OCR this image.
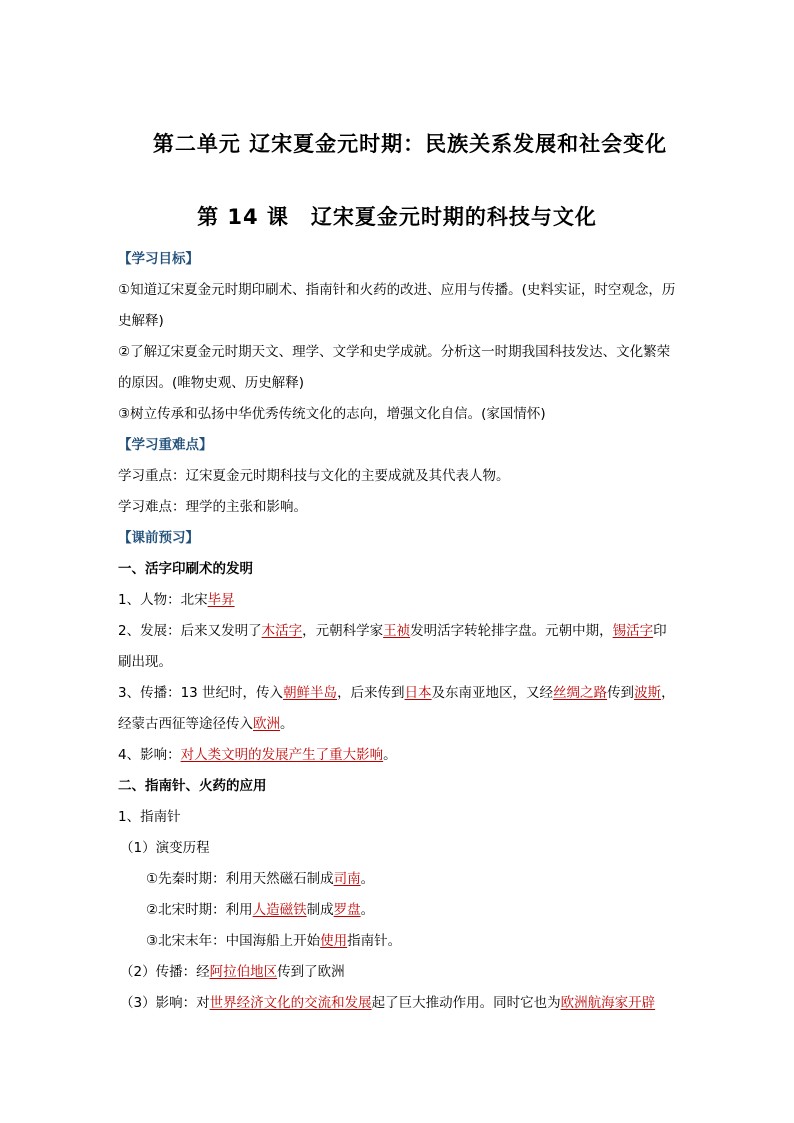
第二单元 辽宋夏金元时期：民族关系发展和社会变化
第 14 课　辽宋夏金元时期的科技与文化

【学习目标】

①知道辽宋夏金元时期印刷术、指南针和火药的改进、应用与传播。(史料实证，时空观念，历史解释)

②了解辽宋夏金元时期天文、理学、文学和史学成就。分析这一时期我国科技发达、文化繁荣的原因。(唯物史观、历史解释)

③树立传承和弘扬中华优秀传统文化的志向，增强文化自信。(家国情怀)

【学习重难点】

学习重点：辽宋夏金元时期科技与文化的主要成就及其代表人物。

学习难点：理学的主张和影响。

【课前预习】

一、活字印刷术的发明

1、人物：北宋毕昇

2、发展：后来又发明了木活字，元朝科学家王祯发明活字转轮排字盘。元朝中期，锡活字印刷出现。

3、传播：13 世纪时，传入朝鲜半岛，后来传到日本及东南亚地区，又经丝绸之路传到波斯，经蒙古西征等途径传入欧洲。

4、影响：对人类文明的发展产生了重大影响。

二、指南针、火药的应用

1、指南针

（1）演变历程

①先秦时期：利用天然磁石制成司南。

②北宋时期：利用人造磁铁制成罗盘。

③北宋末年：中国海船上开始使用指南针。

（2）传播：经阿拉伯地区传到了欧洲

（3）影响：对世界经济文化的交流和发展起了巨大推动作用。同时它也为欧洲航海家开辟
